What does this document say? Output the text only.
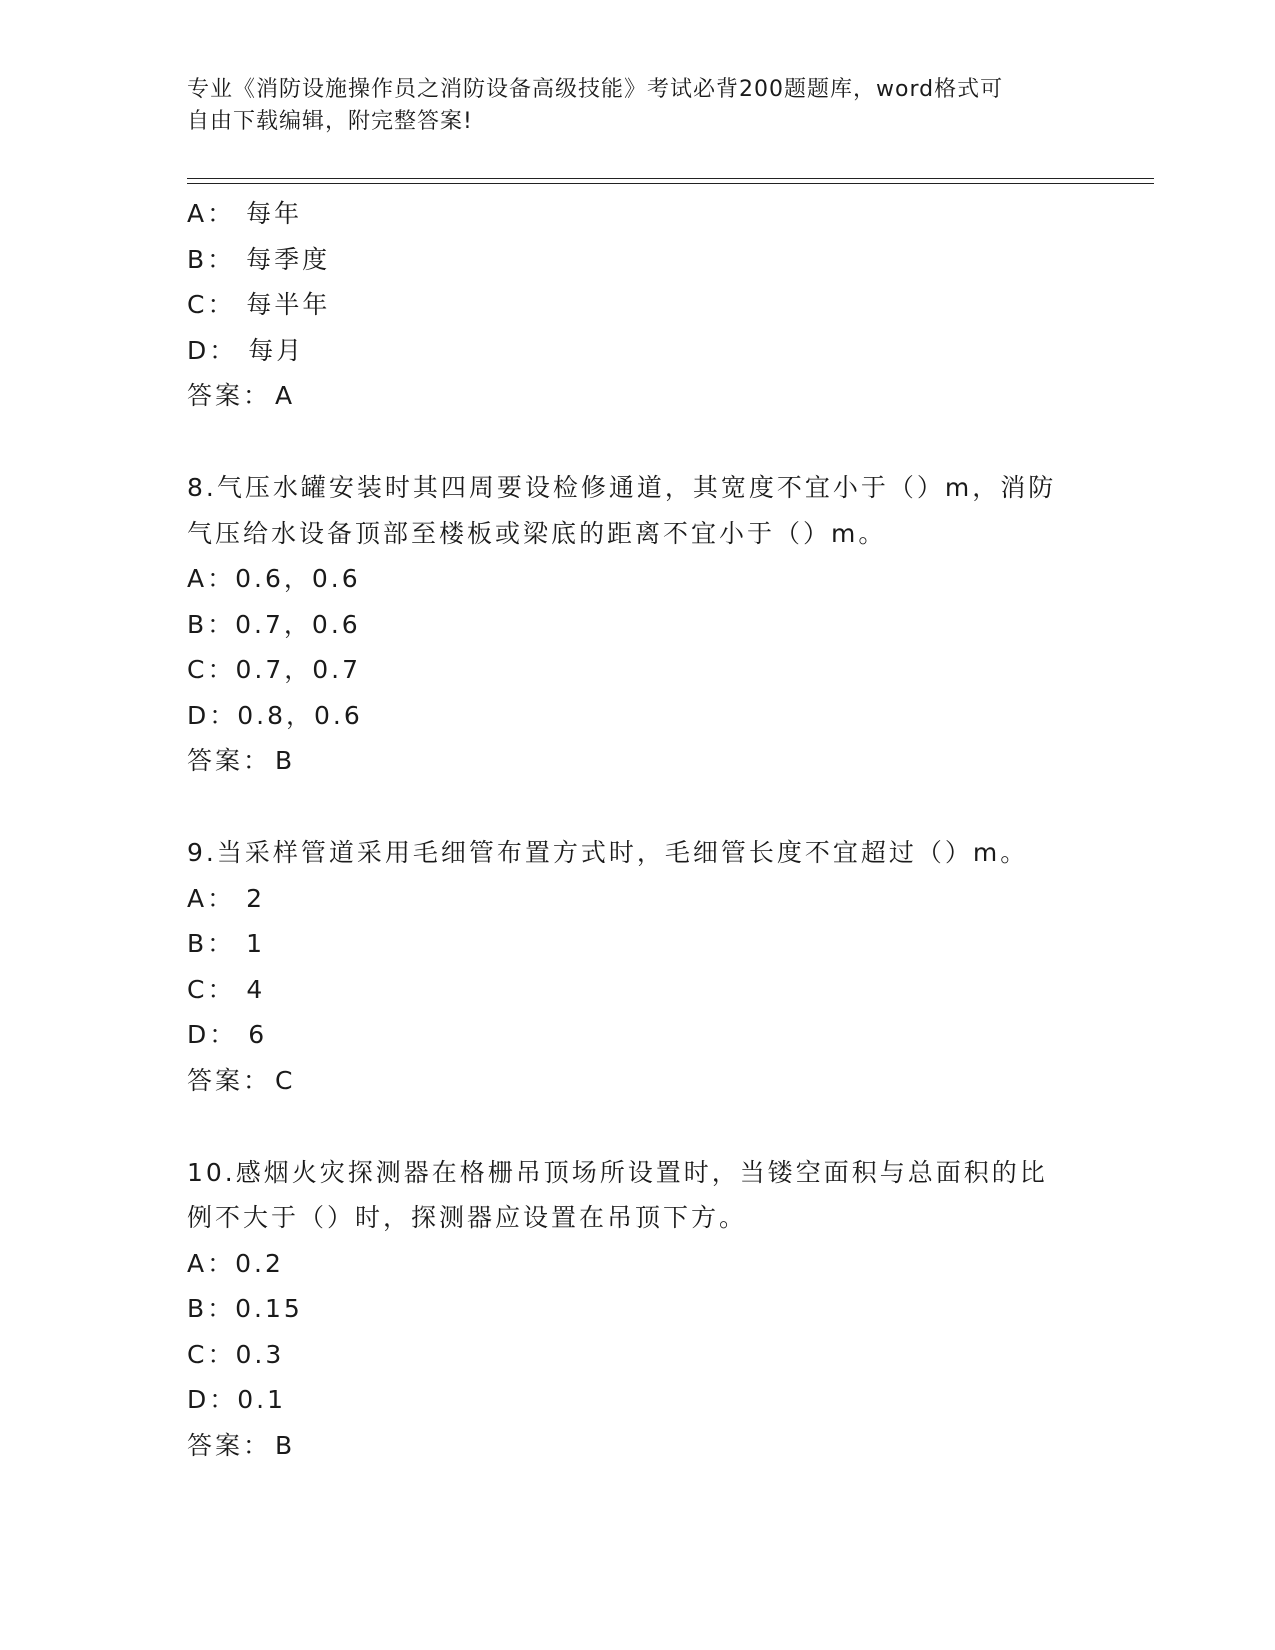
专业《消防设施操作员之消防设备高级技能》考试必背200题题库，word格式可
自由下载编辑，附完整答案!
A： 每年
B： 每季度
C： 每半年
D： 每月
答案： A
8.气压水罐安装时其四周要设检修通道，其宽度不宜小于（）m，消防
气压给水设备顶部至楼板或梁底的距离不宜小于（）m。
A：0.6，0.6
B：0.7，0.6
C：0.7，0.7
D：0.8，0.6
答案： B
9.当采样管道采用毛细管布置方式时，毛细管长度不宜超过（）m。
A： 2
B： 1
C： 4
D： 6
答案： C
10.感烟火灾探测器在格栅吊顶场所设置时，当镂空面积与总面积的比
例不大于（）时，探测器应设置在吊顶下方。
A：0.2
B：0.15
C：0.3
D：0.1
答案： B
